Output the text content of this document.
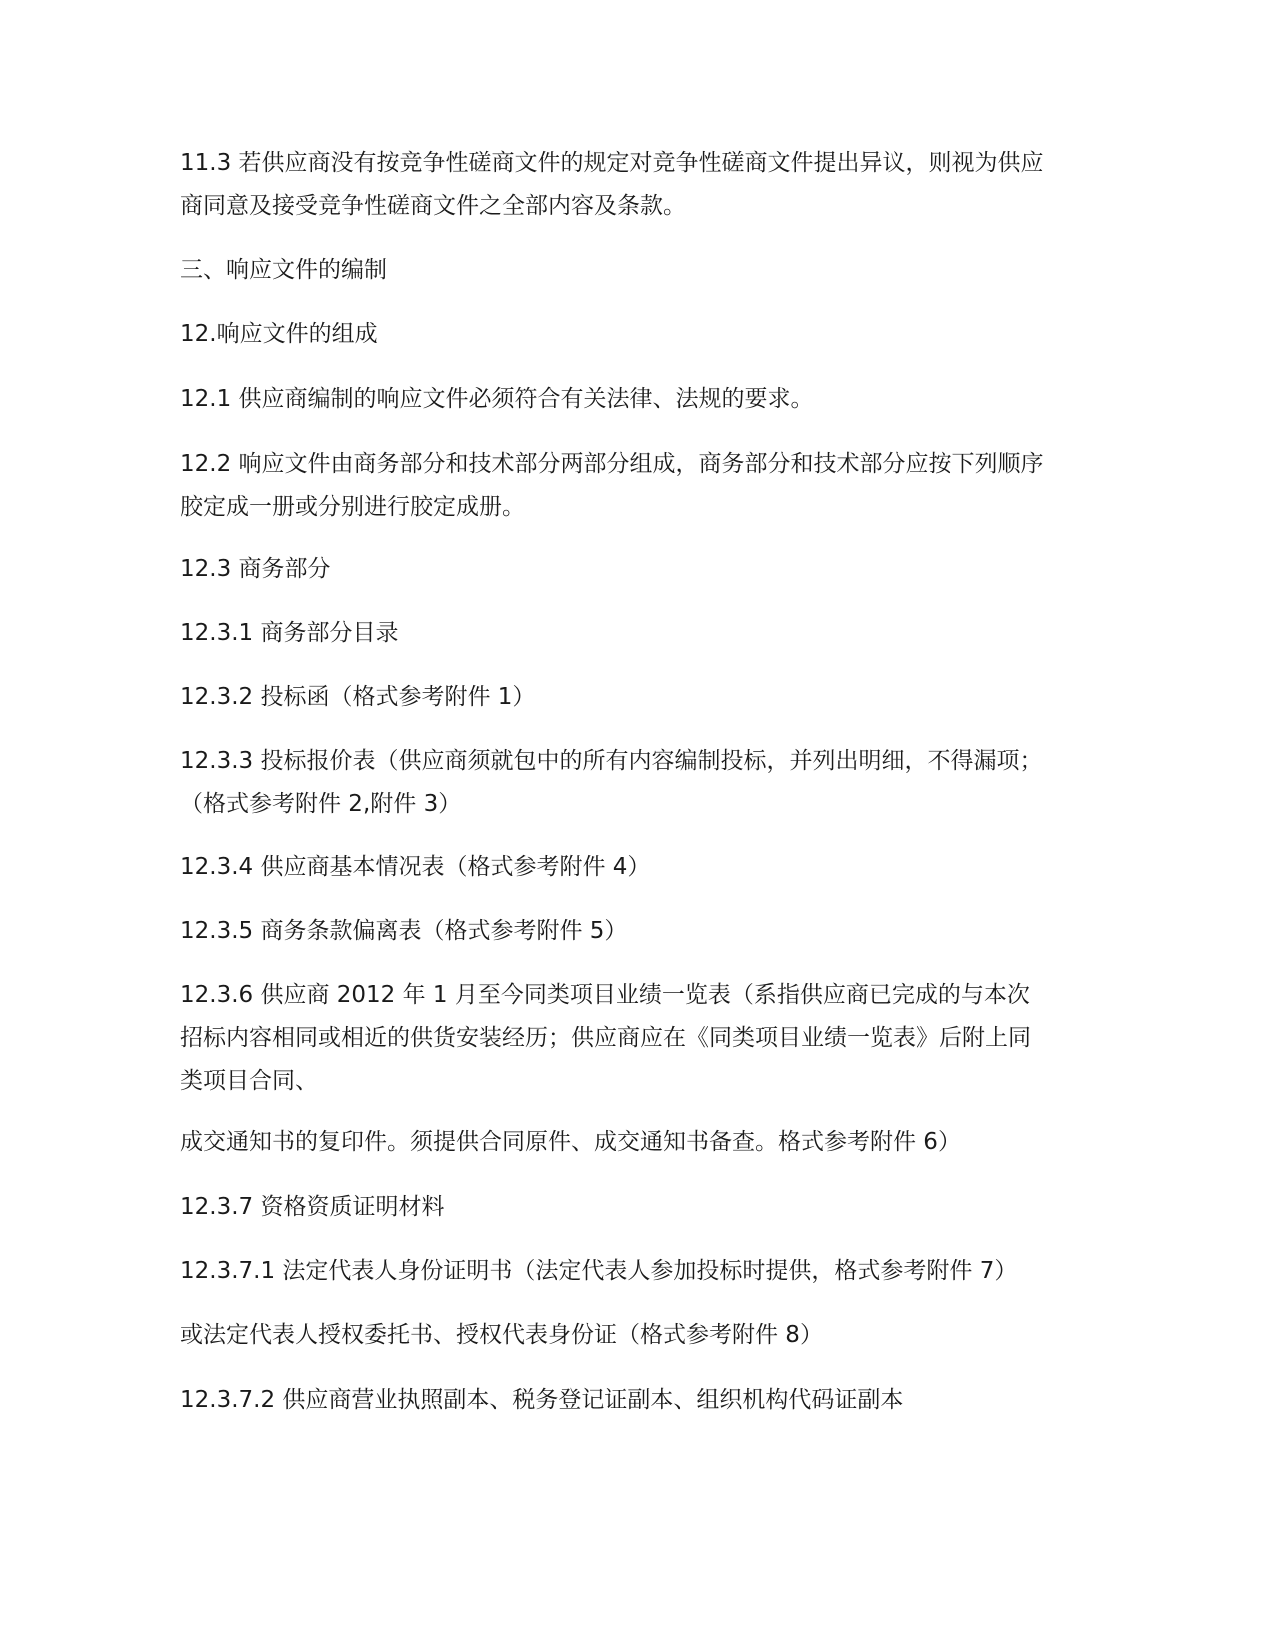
11.3 若供应商没有按竞争性磋商文件的规定对竞争性磋商文件提出异议，则视为供应商同意及接受竞争性磋商文件之全部内容及条款。

三、响应文件的编制

12.响应文件的组成

12.1 供应商编制的响应文件必须符合有关法律、法规的要求。

12.2 响应文件由商务部分和技术部分两部分组成，商务部分和技术部分应按下列顺序胶定成一册或分别进行胶定成册。

12.3 商务部分

12.3.1 商务部分目录

12.3.2 投标函（格式参考附件 1）

12.3.3 投标报价表（供应商须就包中的所有内容编制投标，并列出明细，不得漏项；（格式参考附件 2,附件 3）

12.3.4 供应商基本情况表（格式参考附件 4）

12.3.5 商务条款偏离表（格式参考附件 5）

12.3.6 供应商 2012 年 1 月至今同类项目业绩一览表（系指供应商已完成的与本次招标内容相同或相近的供货安装经历；供应商应在《同类项目业绩一览表》后附上同类项目合同、

成交通知书的复印件。须提供合同原件、成交通知书备查。格式参考附件 6）

12.3.7 资格资质证明材料

12.3.7.1 法定代表人身份证明书（法定代表人参加投标时提供，格式参考附件 7）

或法定代表人授权委托书、授权代表身份证（格式参考附件 8）

12.3.7.2 供应商营业执照副本、税务登记证副本、组织机构代码证副本
